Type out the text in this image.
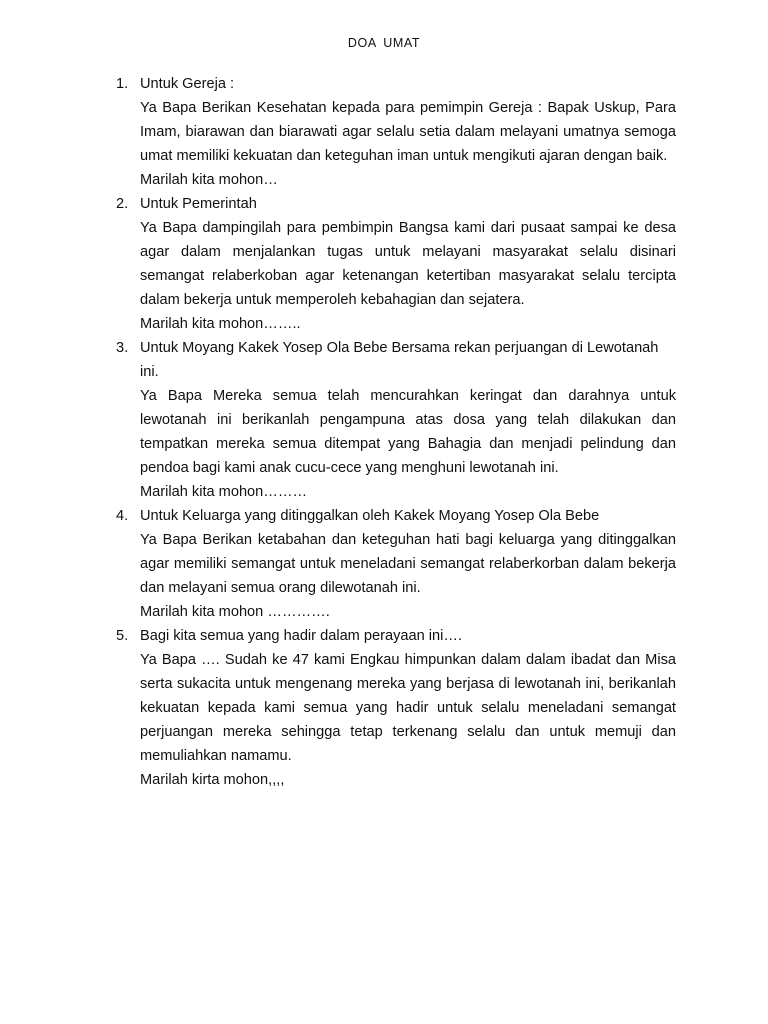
DOA UMAT
1. Untuk Gereja :
Ya Bapa Berikan Kesehatan kepada para pemimpin Gereja : Bapak Uskup, Para Imam, biarawan dan biarawati agar selalu setia dalam melayani umatnya semoga umat memiliki kekuatan dan keteguhan iman untuk mengikuti ajaran dengan baik.
Marilah kita mohon…
2. Untuk Pemerintah
Ya Bapa dampingilah para pembimpin Bangsa kami dari pusaat sampai ke desa agar dalam menjalankan tugas untuk melayani masyarakat selalu disinari semangat relaberkoban agar ketenangan ketertiban masyarakat selalu tercipta dalam bekerja untuk memperoleh kebahagian dan sejatera.
Marilah kita mohon……..
3. Untuk Moyang Kakek Yosep Ola Bebe Bersama rekan perjuangan di Lewotanah ini.
Ya Bapa Mereka semua telah mencurahkan keringat dan darahnya untuk lewotanah ini berikanlah pengampuna atas dosa yang telah dilakukan dan tempatkan mereka semua ditempat yang Bahagia dan menjadi pelindung dan pendoa bagi kami anak cucu-cece yang menghuni lewotanah ini.
Marilah kita mohon………
4. Untuk Keluarga yang ditinggalkan oleh Kakek Moyang Yosep Ola Bebe
Ya Bapa Berikan ketabahan dan keteguhan hati bagi keluarga yang ditinggalkan agar memiliki semangat untuk meneladani semangat relaberkorban dalam bekerja dan melayani semua orang dilewotanah ini.
Marilah kita mohon ………….
5. Bagi kita semua yang hadir dalam perayaan ini….
Ya Bapa …. Sudah ke 47 kami Engkau himpunkan dalam dalam ibadat dan Misa serta sukacita untuk mengenang mereka yang berjasa di lewotanah ini, berikanlah kekuatan kepada kami semua yang hadir untuk selalu meneladani semangat perjuangan mereka sehingga tetap terkenang selalu dan untuk memuji dan memuliahkan namamu.
Marilah kirta mohon,,,,
